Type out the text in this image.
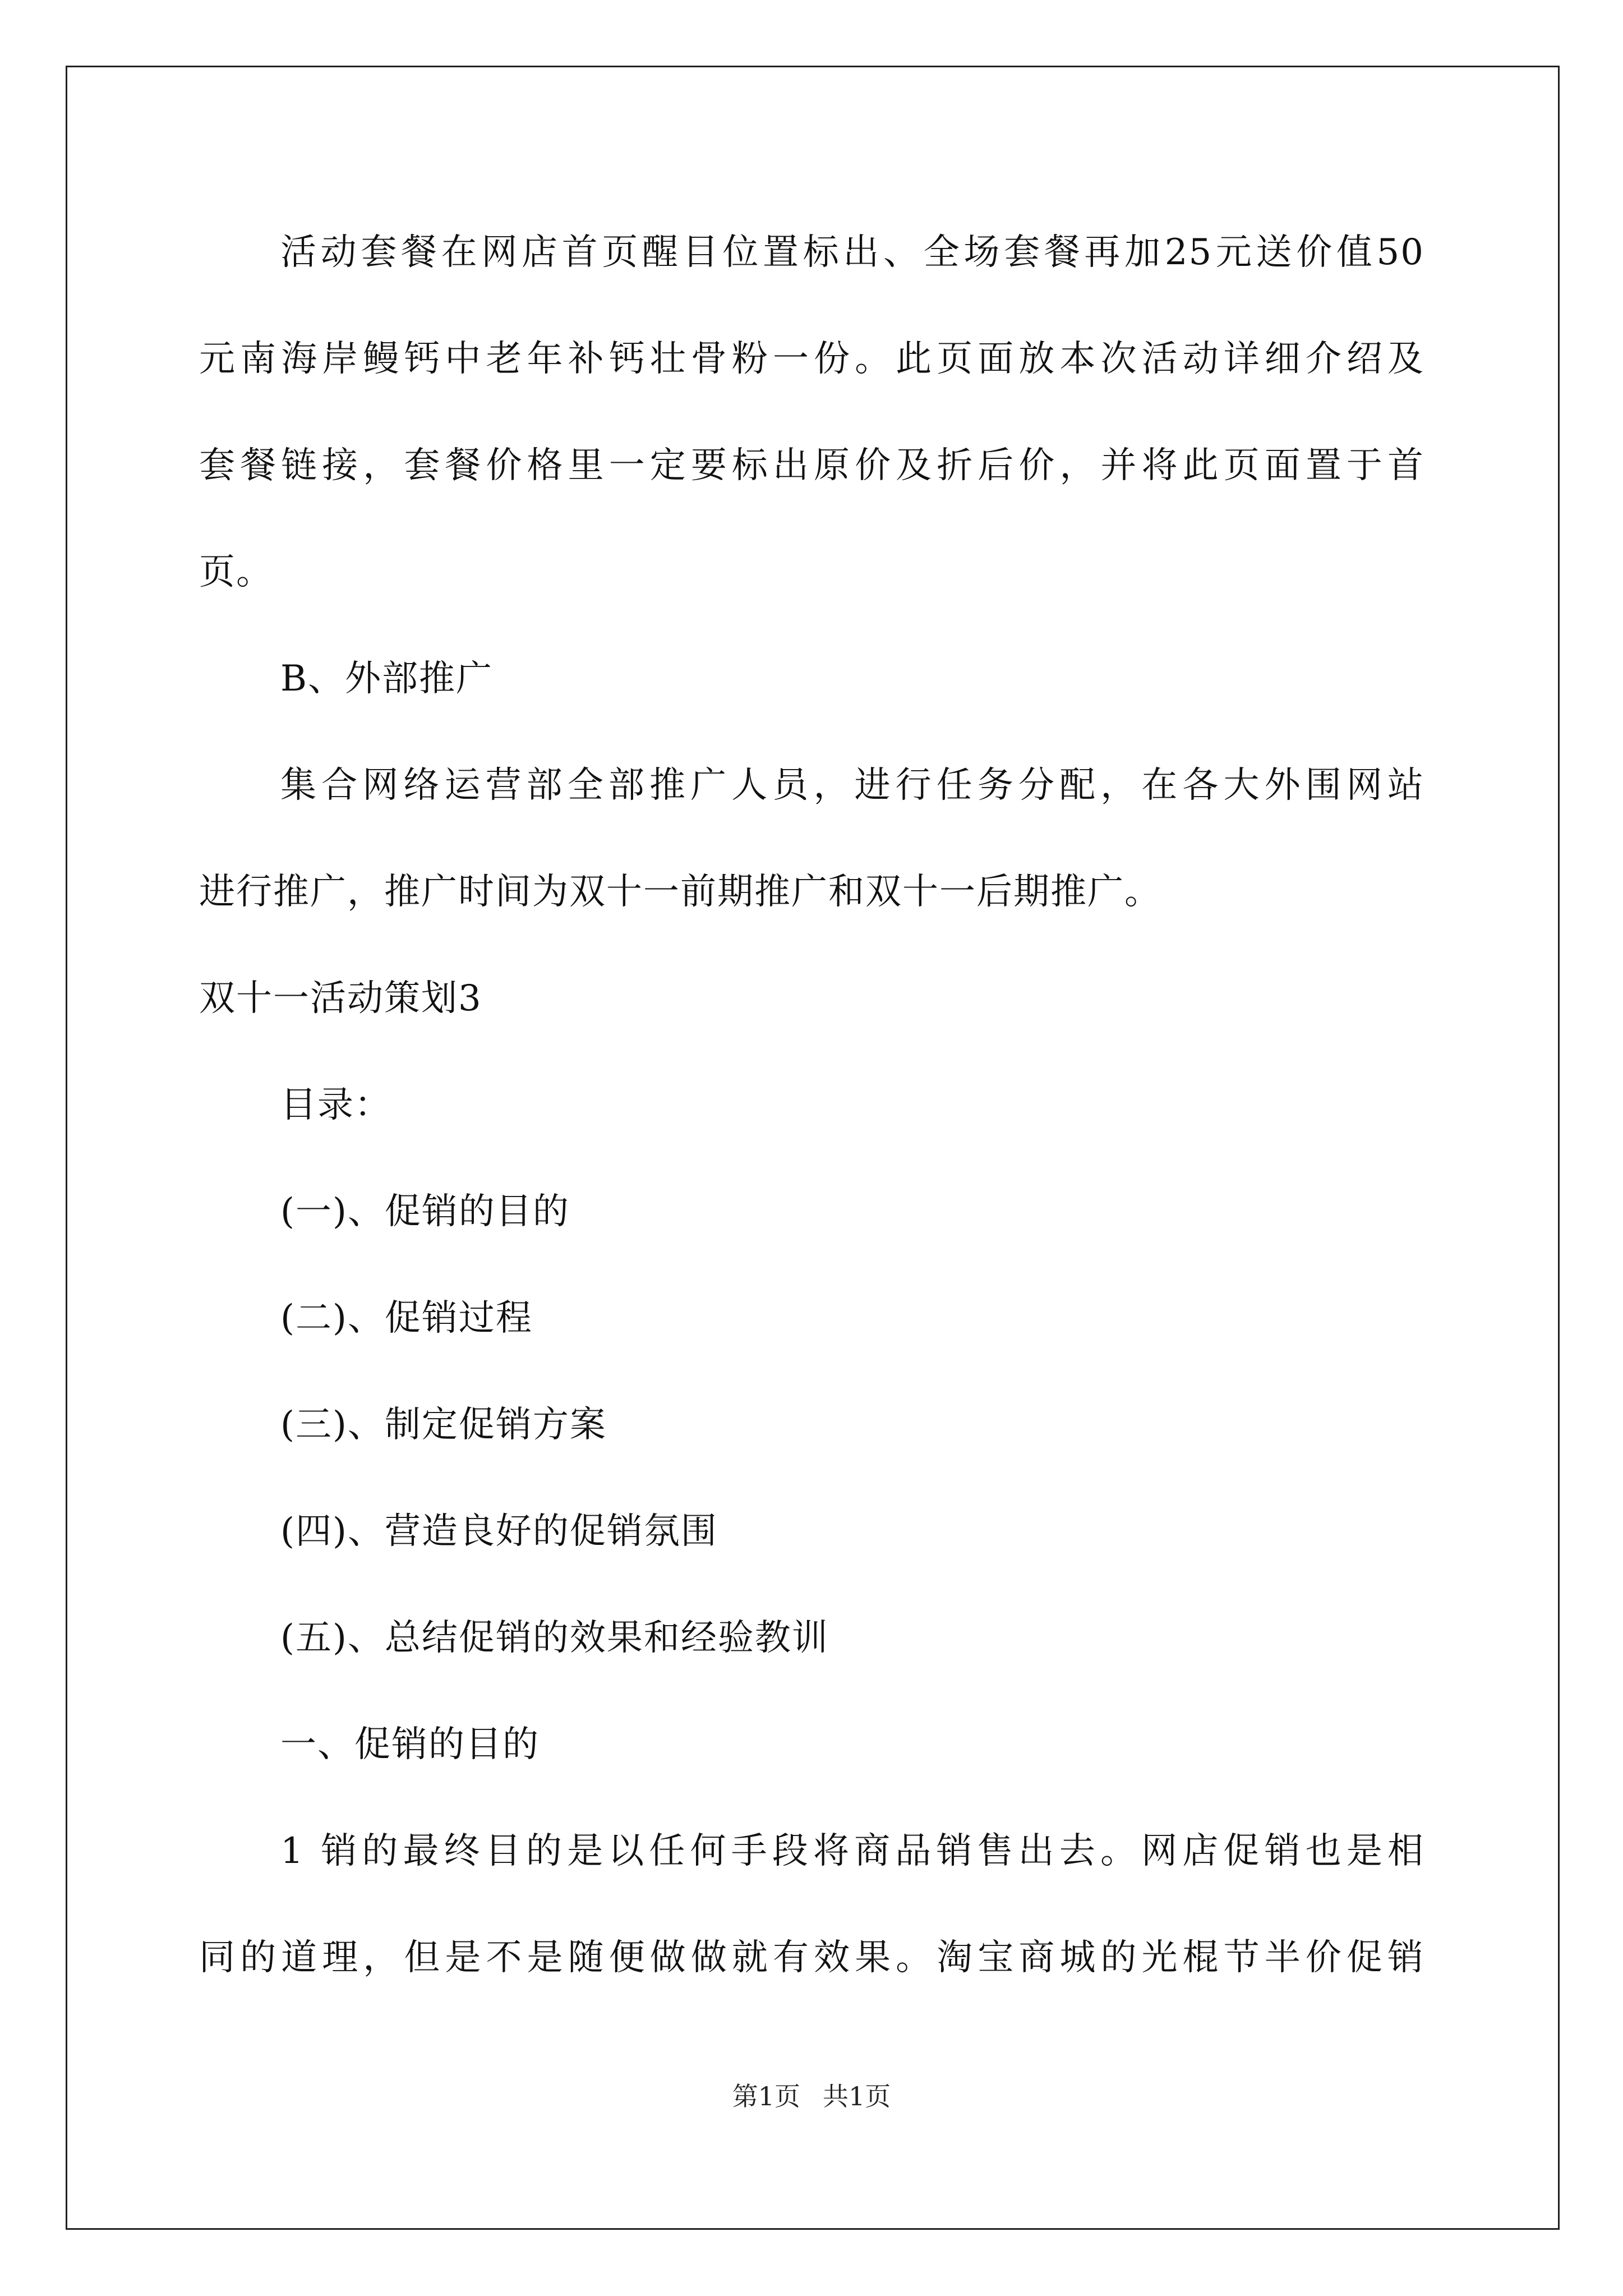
活动套餐在网店首页醒目位置标出、全场套餐再加25元送价值50
元南海岸鳗钙中老年补钙壮骨粉一份。此页面放本次活动详细介绍及
套餐链接，套餐价格里一定要标出原价及折后价，并将此页面置于首
页。
B、外部推广
集合网络运营部全部推广人员，进行任务分配，在各大外围网站
进行推广，推广时间为双十一前期推广和双十一后期推广。
双十一活动策划3
目录：
(一)、促销的目的
(二)、促销过程
(三)、制定促销方案
(四)、营造良好的促销氛围
(五)、总结促销的效果和经验教训
一、促销的目的
1 销的最终目的是以任何手段将商品销售出去。网店促销也是相
同的道理，但是不是随便做做就有效果。淘宝商城的光棍节半价促销
第1页 共1页
